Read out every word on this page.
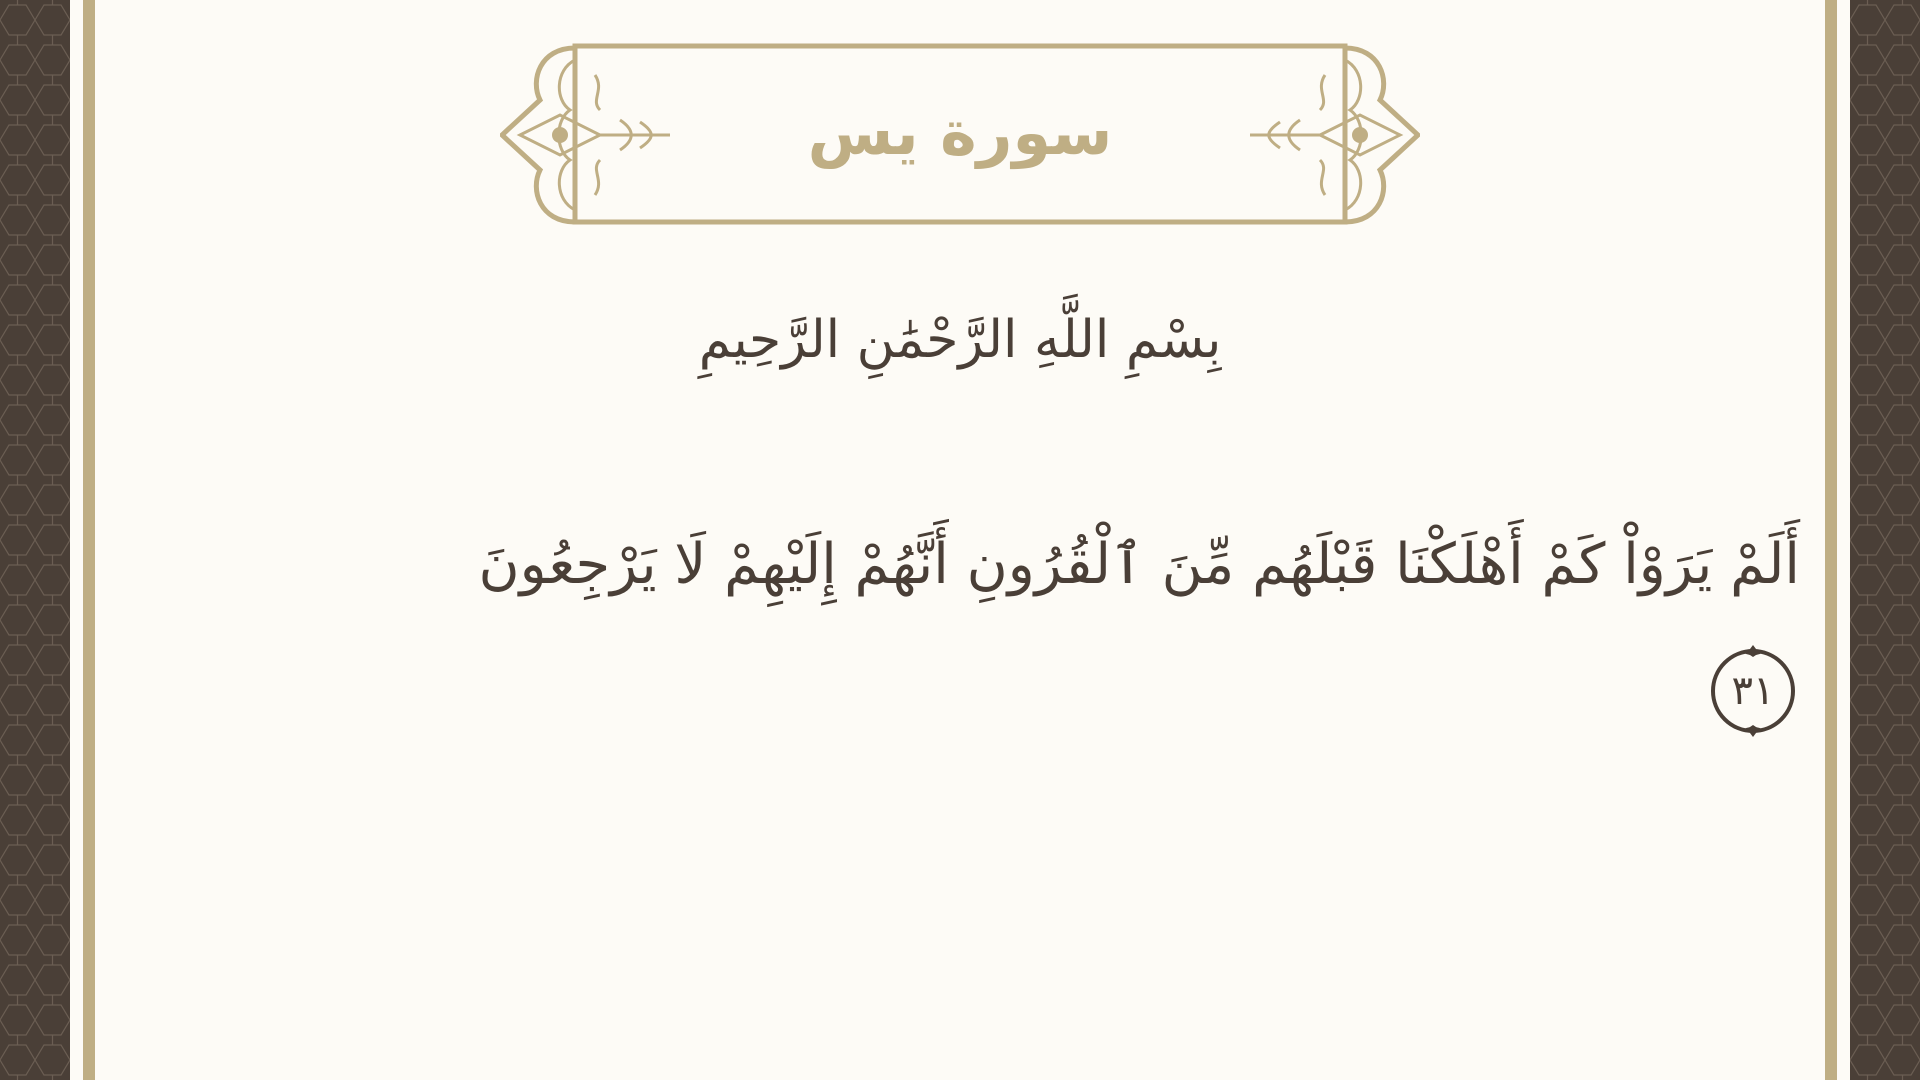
سورة يس
بِسْمِ اللَّهِ الرَّحْمَٰنِ الرَّحِيمِ
أَلَمْ يَرَوْاْ كَمْ أَهْلَكْنَا قَبْلَهُم مِّنَ ٱلْقُرُونِ أَنَّهُمْ إِلَيْهِمْ لَا يَرْجِعُونَ
٣١
